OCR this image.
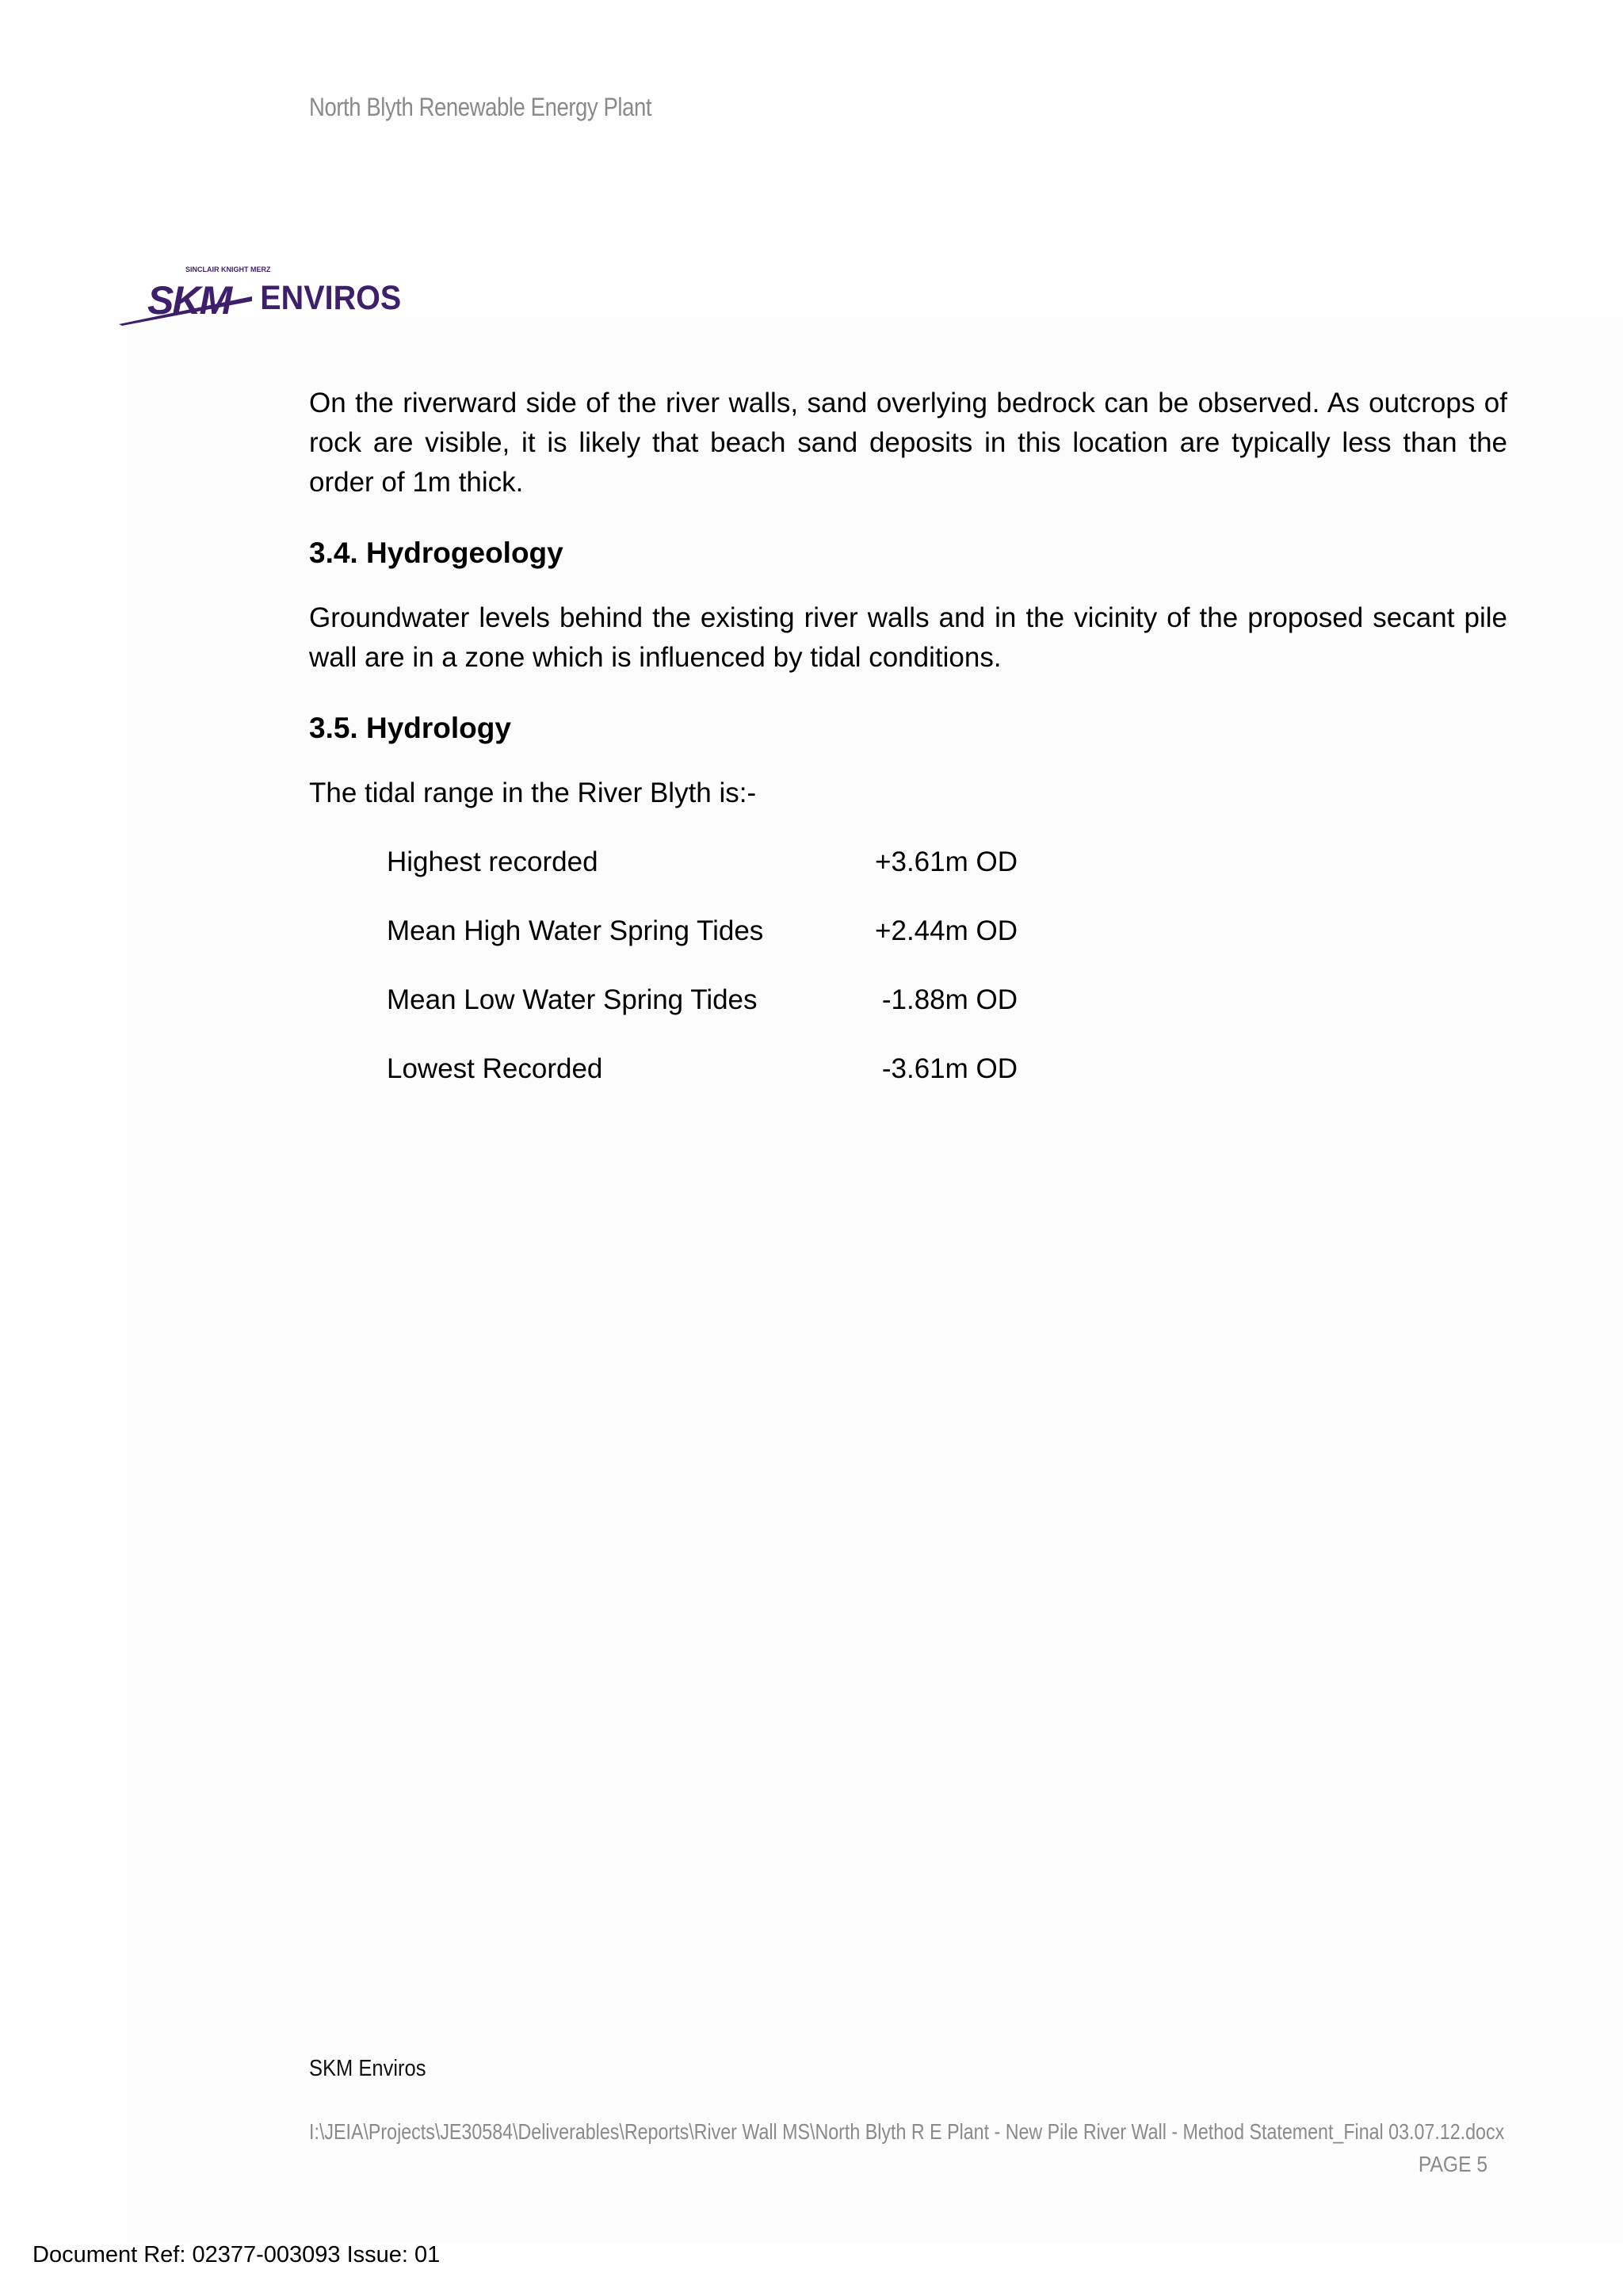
North Blyth Renewable Energy Plant
SINCLAIR KNIGHT MERZ
SKM ENVIROS

On the riverward side of the river walls, sand overlying bedrock can be observed. As outcrops of rock are visible, it is likely that beach sand deposits in this location are typically less than the order of 1m thick.

3.4. Hydrogeology

Groundwater levels behind the existing river walls and in the vicinity of the proposed secant pile wall are in a zone which is influenced by tidal conditions.

3.5. Hydrology

The tidal range in the River Blyth is:-

Highest recorded	+3.61m OD
Mean High Water Spring Tides	+2.44m OD
Mean Low Water Spring Tides	-1.88m OD
Lowest Recorded	-3.61m OD
SKM Enviros
I:\JEIA\Projects\JE30584\Deliverables\Reports\River Wall MS\North Blyth R E Plant - New Pile River Wall - Method Statement_Final 03.07.12.docx
PAGE 5
Document Ref: 02377-003093 Issue: 01
